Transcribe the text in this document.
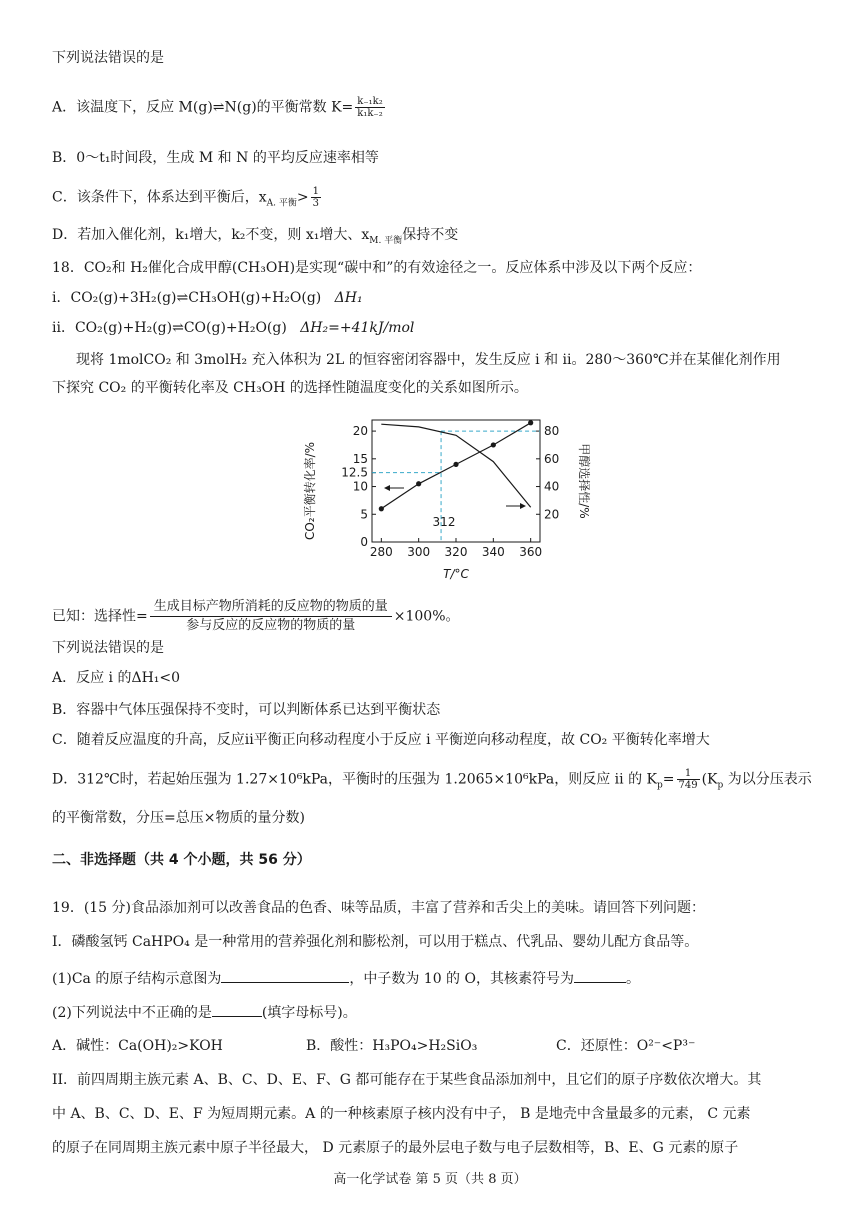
下列说法错误的是
A．该温度下，反应 M(g)⇌N(g)的平衡常数 $K= \frac{\text{k₋₁k₂}}{\text{k₁k₋₂}}$
B．0～t₁时间段，生成 M 和 N 的平均反应速率相等
C．该条件下，体系达到平衡后，$x_{A. 平衡}> \frac{1}{3}$
D．若加入催化剂，k₁增大，k₂不变，则 x₁增大、$x_{M. 平衡}$保持不变
18．CO₂和 H₂催化合成甲醇(CH₃OH)是实现“碳中和”的有效途径之一。反应体系中涉及以下两个反应：
i．CO₂(g)+3H₂(g)⇌CH₃OH(g)+H₂O(g) ΔH₁
ii．CO₂(g)+H₂(g)⇌CO(g)+H₂O(g) ΔH₂=+41kJ/mol
现将 1molCO₂ 和 3molH₂ 充入体积为 2L 的恒容密闭容器中，发生反应 i 和 ii。280～360℃并在某催化剂作用
下探究 CO₂ 的平衡转化率及 CH₃OH 的选择性随温度变化的关系如图所示。
280 300 320 340 360
0
5
10
12.5
15
20
20
40
60
80
CO₂平衡转化率/%	甲醇选择性/%
T/°C
312
已知：选择性= $\frac{\text{生成目标产物所消耗的反应物的物质的量}}{\text{参与反应的反应物的物质的量}} \times 100\%$。
下列说法错误的是
A．反应 i 的ΔH₁<0
B．容器中气体压强保持不变时，可以判断体系已达到平衡状态
C．随着反应温度的升高，反应ii平衡正向移动程度小于反应 i 平衡逆向移动程度，故 CO₂ 平衡转化率增大
D．312℃时，若起始压强为 1.27×10⁶kPa，平衡时的压强为 1.2065×10⁶kPa，则反应 ii 的 $K_p= \frac{1}{749} (K_p$ 为以分压表示
的平衡常数，分压=总压×物质的量分数)
二、非选择题（共 4 个小题，共 56 分）
19．(15 分)食品添加剂可以改善食品的色香、味等品质，丰富了营养和舌尖上的美味。请回答下列问题：
I．磷酸氢钙 CaHPO₄ 是一种常用的营养强化剂和膨松剂，可以用于糕点、代乳品、婴幼儿配方食品等。
(1)Ca 的原子结构示意图为	，中子数为 10 的 O，其核素符号为	。
(2)下列说法中不正确的是	(填字母标号)。
A．碱性：Ca(OH)₂>KOH	B．酸性：H₃PO₄>H₂SiO₃	C．还原性：O²⁻<P³⁻
II．前四周期主族元素 A、B、C、D、E、F、G 都可能存在于某些食品添加剂中，且它们的原子序数依次增大。其
中 A、B、C、D、E、F 为短周期元素。A 的一种核素原子核内没有中子， B 是地壳中含量最多的元素， C 元素
的原子在同周期主族元素中原子半径最大， D 元素原子的最外层电子数与电子层数相等，B、E、G 元素的原子
高一化学试卷 第 5 页（共 8 页）
